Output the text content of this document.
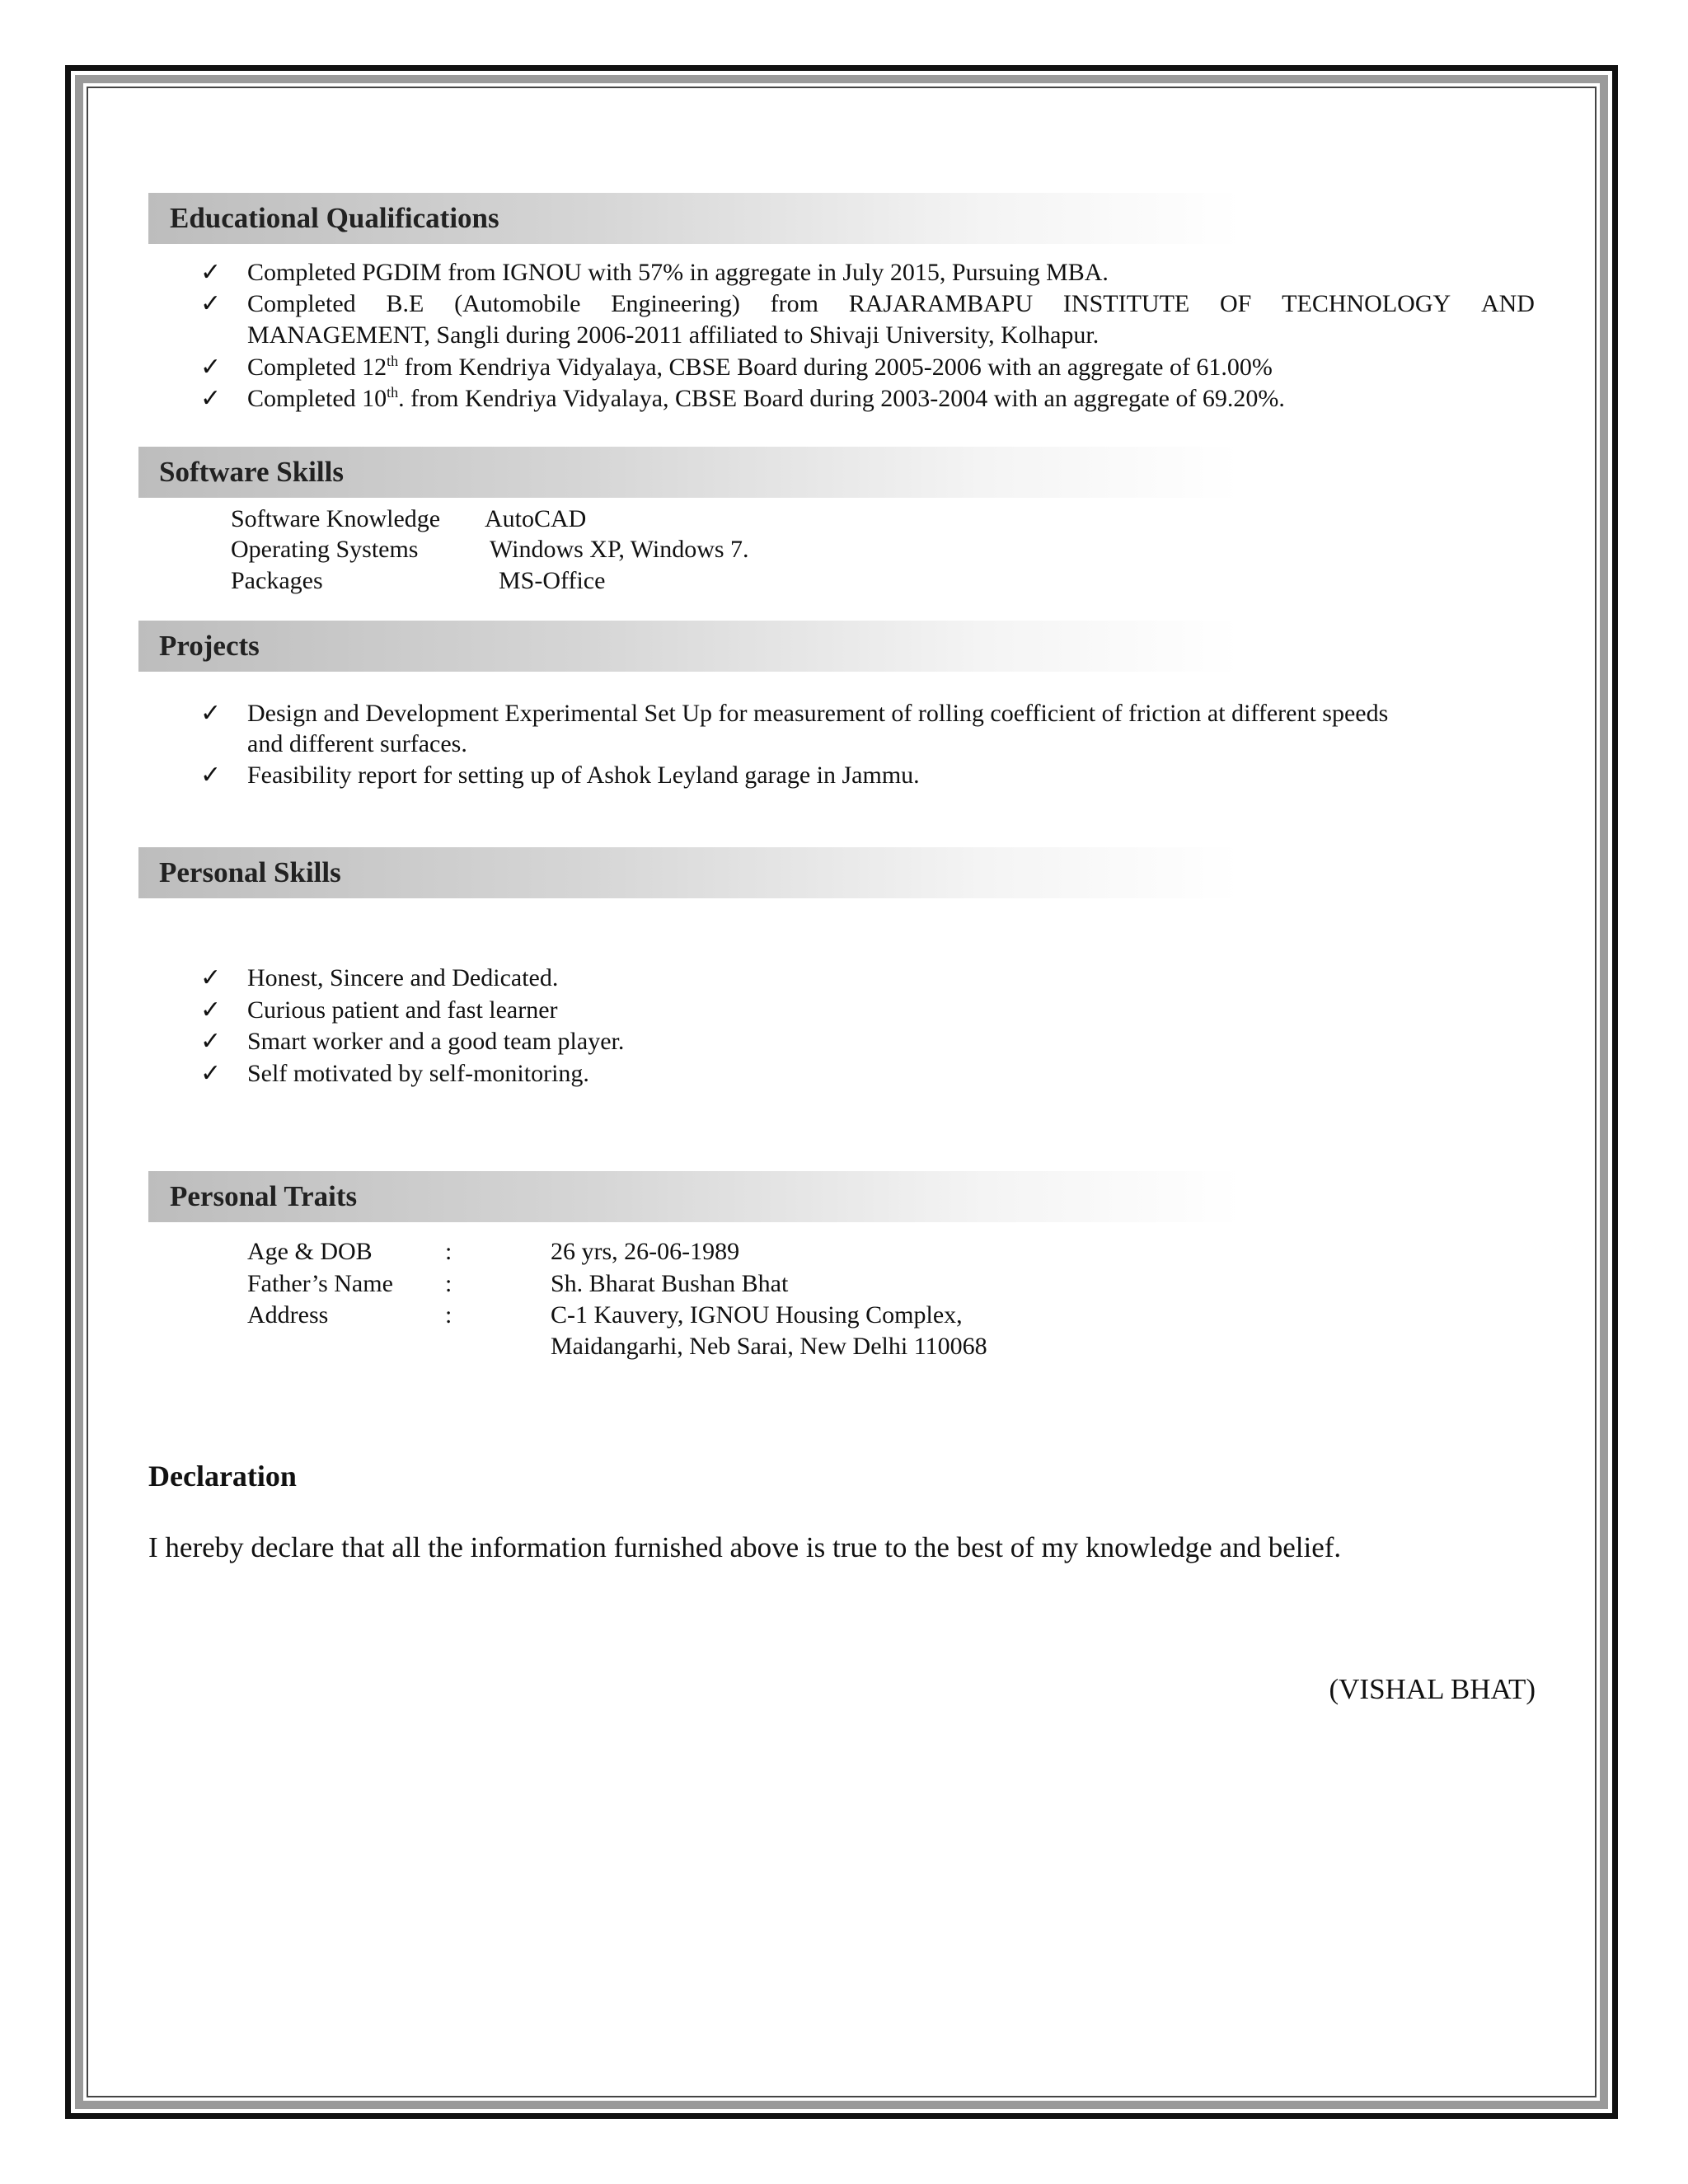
Educational Qualifications
✓ Completed PGDIM from IGNOU with 57% in aggregate in July 2015, Pursuing MBA.
✓ Completed B.E (Automobile Engineering) from RAJARAMBAPU INSTITUTE OF TECHNOLOGY AND
MANAGEMENT, Sangli during 2006-2011 affiliated to Shivaji University, Kolhapur.
✓ Completed 12th from Kendriya Vidyalaya, CBSE Board during 2005-2006 with an aggregate of 61.00%
✓ Completed 10th. from Kendriya Vidyalaya, CBSE Board during 2003-2004 with an aggregate of 69.20%.
Software Skills
Software Knowledge AutoCAD
Operating Systems	Windows XP, Windows 7.
Packages	MS-Office
Projects
✓ Design and Development Experimental Set Up for measurement of rolling coefficient of friction at different speeds
and different surfaces.
✓ Feasibility report for setting up of Ashok Leyland garage in Jammu.
Personal Skills
✓ Honest, Sincere and Dedicated.
✓ Curious patient and fast learner
✓ Smart worker and a good team player.
✓ Self motivated by self-monitoring.
Personal Traits
Age & DOB	:	26 yrs, 26-06-1989
Father’s Name :	Sh. Bharat Bushan Bhat
Address	:	C-1 Kauvery, IGNOU Housing Complex,
Maidangarhi, Neb Sarai, New Delhi 110068
Declaration
I hereby declare that all the information furnished above is true to the best of my knowledge and belief.
(VISHAL BHAT)
